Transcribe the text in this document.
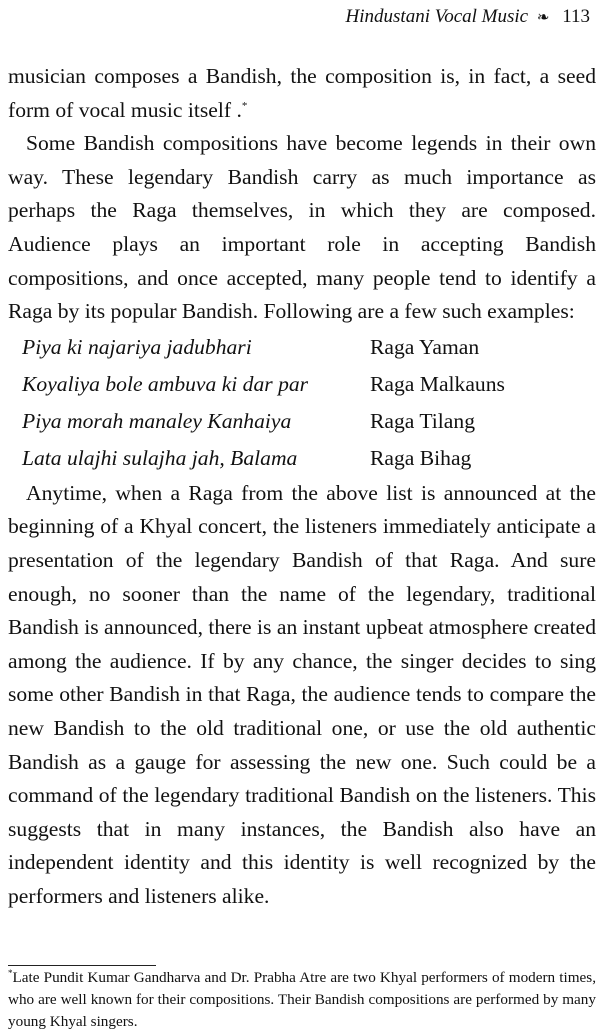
Hindustani Vocal Music ❧ 113

musician composes a Bandish, the composition is, in fact, a seed form of vocal music itself .*

Some Bandish compositions have become legends in their own way. These legendary Bandish carry as much importance as perhaps the Raga themselves, in which they are composed. Audience plays an important role in accepting Bandish compositions, and once accepted, many people tend to identify a Raga by its popular Bandish. Following are a few such examples:

Piya ki najariya jadubhari	Raga Yaman
Koyaliya bole ambuva ki dar par	Raga Malkauns
Piya morah manaley Kanhaiya	Raga Tilang
Lata ulajhi sulajha jah, Balama	Raga Bihag

Anytime, when a Raga from the above list is announced at the beginning of a Khyal concert, the listeners immediately anticipate a presentation of the legendary Bandish of that Raga. And sure enough, no sooner than the name of the legendary, traditional Bandish is announced, there is an instant upbeat atmosphere created among the audience. If by any chance, the singer decides to sing some other Bandish in that Raga, the audience tends to compare the new Bandish to the old traditional one, or use the old authentic Bandish as a gauge for assessing the new one. Such could be a command of the legendary traditional Bandish on the listeners. This suggests that in many instances, the Bandish also have an independent identity and this identity is well recognized by the performers and listeners alike.

*Late Pundit Kumar Gandharva and Dr. Prabha Atre are two Khyal performers of modern times, who are well known for their compositions. Their Bandish compositions are performed by many young Khyal singers.
